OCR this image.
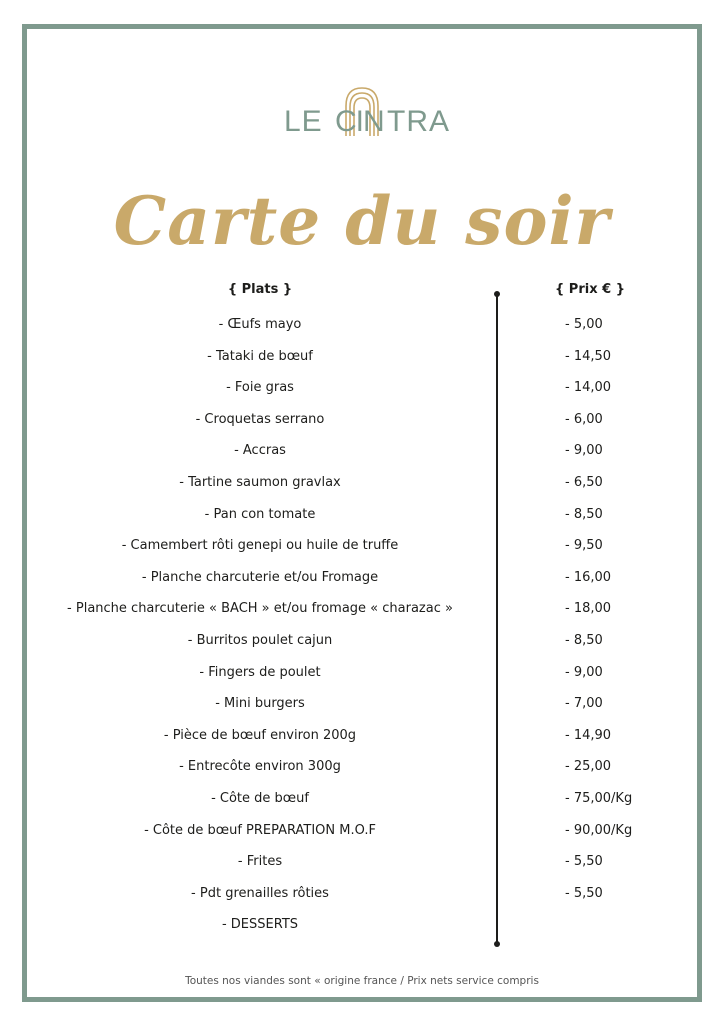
LE CIN TRA
Carte du soir
{ Plats }	{ Prix € }
- Œufs mayo	- 5,00
- Tataki de bœuf	- 14,50
- Foie gras	- 14,00
- Croquetas serrano	- 6,00
- Accras	- 9,00
- Tartine saumon gravlax	- 6,50
- Pan con tomate	- 8,50
- Camembert rôti genepi ou huile de truffe	- 9,50
- Planche charcuterie et/ou Fromage	- 16,00
- Planche charcuterie « BACH » et/ou fromage « charazac »	- 18,00
- Burritos poulet cajun	- 8,50
- Fingers de poulet	- 9,00
- Mini burgers	- 7,00
- Pièce de bœuf environ 200g	- 14,90
- Entrecôte environ 300g	- 25,00
- Côte de bœuf	- 75,00/Kg
- Côte de bœuf PREPARATION M.O.F	- 90,00/Kg
- Frites	- 5,50
- Pdt grenailles rôties	- 5,50
- DESSERTS
Toutes nos viandes sont « origine france / Prix nets service compris
